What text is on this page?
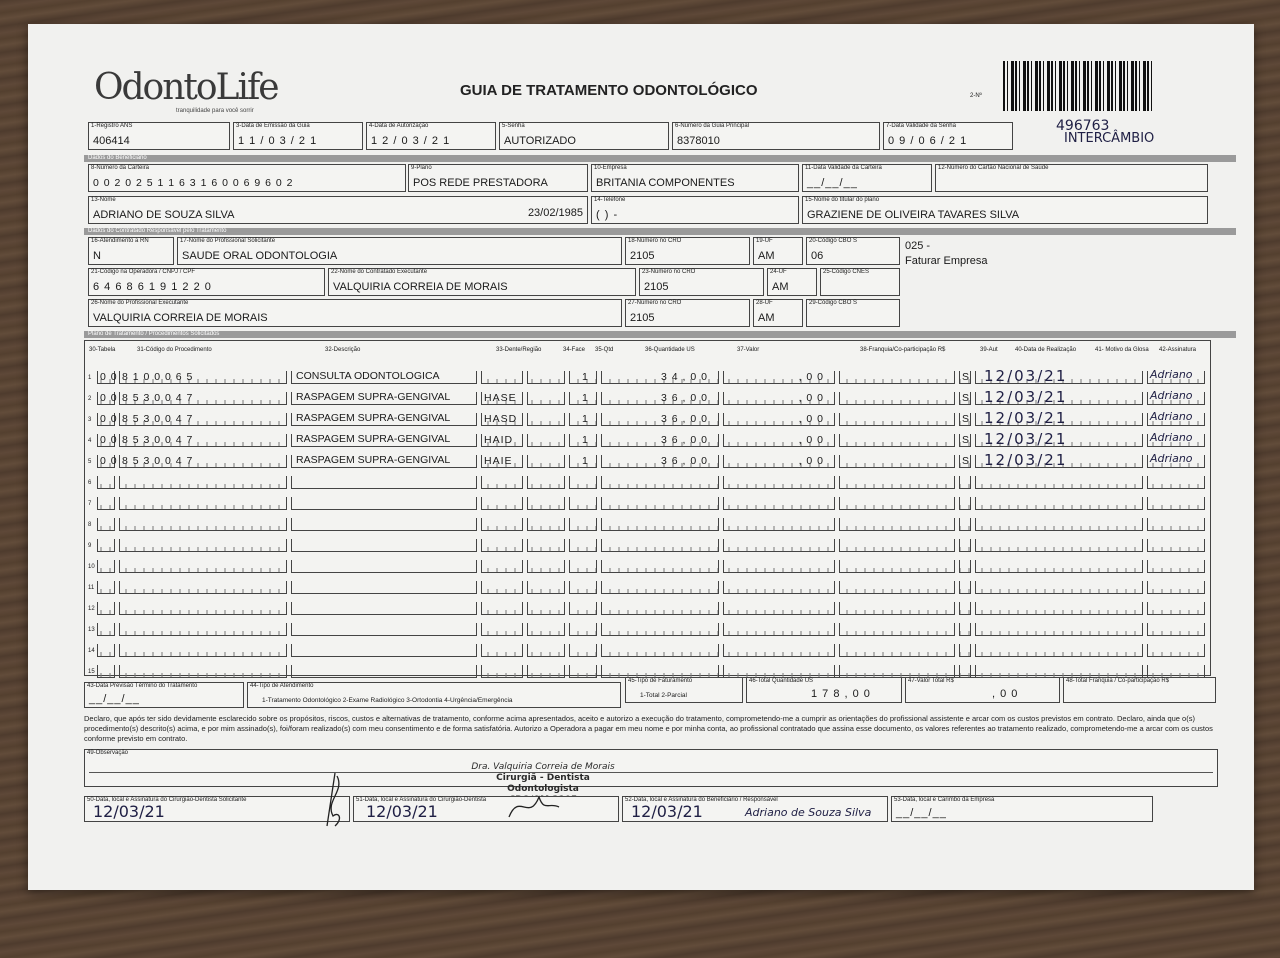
OdontoLife
tranquilidade para você sorrir
GUIA DE TRATAMENTO ODONTOLÓGICO	2-Nº
496763
INTERCÂMBIO
1-Registro ANS
406414
3-Data de Emissão da Guia
1 1 / 0 3 / 2 1
4-Data de Autorização
1 2 / 0 3 / 2 1
5-Senha
AUTORIZADO
6-Número da Guia Principal
8378010
7-Data Validade da Senha
0 9 / 0 6 / 2 1
Dados do Beneficiário
8-Número da Carteira
0 0 2 0 2 5 1 1 6 3 1 6 0 0 6 9 6 0 2
9-Plano
POS REDE PRESTADORA
10-Empresa
BRITANIA COMPONENTES
11-Data Validade da Carteira
__/__/__
12-Número do Cartão Nacional de Saúde
13-Nome
ADRIANO DE SOUZA SILVA	23/02/1985
14-Telefone
( ) -
15-Nome do titular do plano
GRAZIENE DE OLIVEIRA TAVARES SILVA
Dados do Contratado Responsável pelo Tratamento
16-Atendimento a RN
N
17-Nome do Profissional Solicitante
SAUDE ORAL ODONTOLOGIA
18-Número no CRO
2105
19-UF
AM
20-Código CBO S
06
025 -
Faturar Empresa
21-Código na Operadora / CNPJ / CPF
6 4 6 8 6 1 9 1 2 2 0
22-Nome do Contratado Executante
VALQUIRIA CORREIA DE MORAIS
23-Número no CRO
2105
24-UF
AM
25-Código CNES
26-Nome do Profissional Executante
VALQUIRIA CORREIA DE MORAIS
27-Número no CRO
2105
28-UF
AM
29-Código CBO S
Plano de Tratamento / Procedimentos Solicitados
30-Tabela	31-Código do Procedimento	32-Descrição	33-Dente/Região	34-Face 35-Qtd	36-Quantidade US	37-Valor	38-Franquia/Co-participação R$	39-Aut	40-Data de Realização	41- Motivo da Glosa 42-Assinatura
1 0 0 8 1 0 0 0 6 5	CONSULTA ODONTOLOGICA	1	3 4 , 0 0	, 0 0	S 12/03/21	Adriano
2 0 0 8 5 3 0 0 4 7	RASPAGEM SUPRA-GENGIVAL	HASE	1	3 6 , 0 0	, 0 0	S 12/03/21	Adriano
3 0 0 8 5 3 0 0 4 7	RASPAGEM SUPRA-GENGIVAL	HASD	1	3 6 , 0 0	, 0 0	S 12/03/21	Adriano
4 0 0 8 5 3 0 0 4 7	RASPAGEM SUPRA-GENGIVAL	HAID	1	3 6 , 0 0	, 0 0	S 12/03/21	Adriano
5 0 0 8 5 3 0 0 4 7	RASPAGEM SUPRA-GENGIVAL	HAIE	1	3 6 , 0 0	, 0 0	S 12/03/21	Adriano
6
7
8
9
10
11
12
13
14
15
43-Data Previsão Término do Tratamento
__/__/__
44-Tipo de Atendimento
1-Tratamento Odontológico 2-Exame Radiológico 3-Ortodontia 4-Urgência/Emergência
45-Tipo de Faturamento
1-Total 2-Parcial
46-Total Quantidade US
1 7 8 , 0 0
47-Valor Total R$
, 0 0
48-Total Franquia / Co-participação R$
Declaro, que após ter sido devidamente esclarecido sobre os propósitos, riscos, custos e alternativas de tratamento, conforme acima apresentados, aceito e autorizo a execução do tratamento, comprometendo-me a cumprir as orientações do profissional assistente e arcar com os custos previstos em contrato. Declaro, ainda que o(s) procedimento(s) descrito(s) acima, e por mim assinado(s), foi/foram realizado(s) com meu consentimento e de forma satisfatória. Autorizo a Operadora a pagar em meu nome e por minha conta, ao profissional contratado que assina esse documento, os valores referentes ao tratamento realizado, comprometendo-me a arcar com os custos conforme previsto em contrato.
49-Observação
Dra. Valquiria Correia de Morais
Cirurgiã - Dentista
Odontologista
50-Data, local e Assinatura do Cirurgião-Dentista Solicitante
12/03/21
51-Data, local e Assinatura do Cirurgião-Dentista
12/03/21
52-Data, local e Assinatura do Beneficiário / Responsável
12/03/21	Adriano de Souza Silva
53-Data, local e Carimbo da Empresa
__/__/__
